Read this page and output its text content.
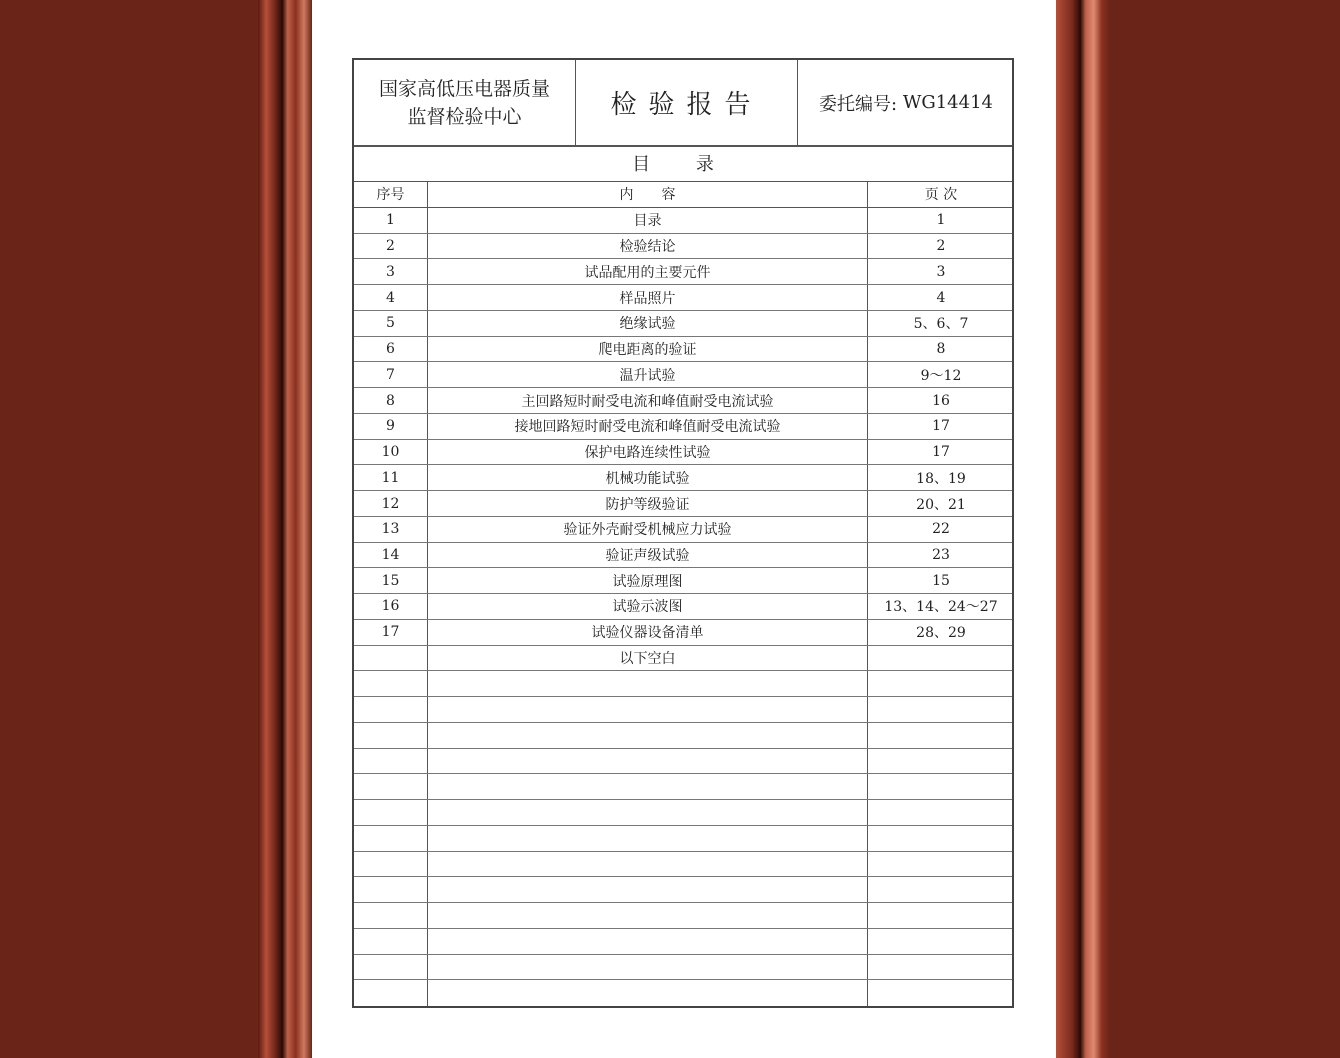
国家高低压电器质量
监督检验中心	检验报告	委托编号:
WG14414
目 录
序号	内　　容	页 次
1	目录	1
2	检验结论	2
3	试品配用的主要元件	3
4	样品照片	4
5	绝缘试验	5、6、7
6	爬电距离的验证	8
7	温升试验	9～12
8	主回路短时耐受电流和峰值耐受电流试验	16
9	接地回路短时耐受电流和峰值耐受电流试验	17
10	保护电路连续性试验	17
11	机械功能试验	18、19
12	防护等级验证	20、21
13	验证外壳耐受机械应力试验	22
14	验证声级试验	23
15	试验原理图	15
16	试验示波图	13、14、24～27
17	试验仪器设备清单	28、29
以下空白
